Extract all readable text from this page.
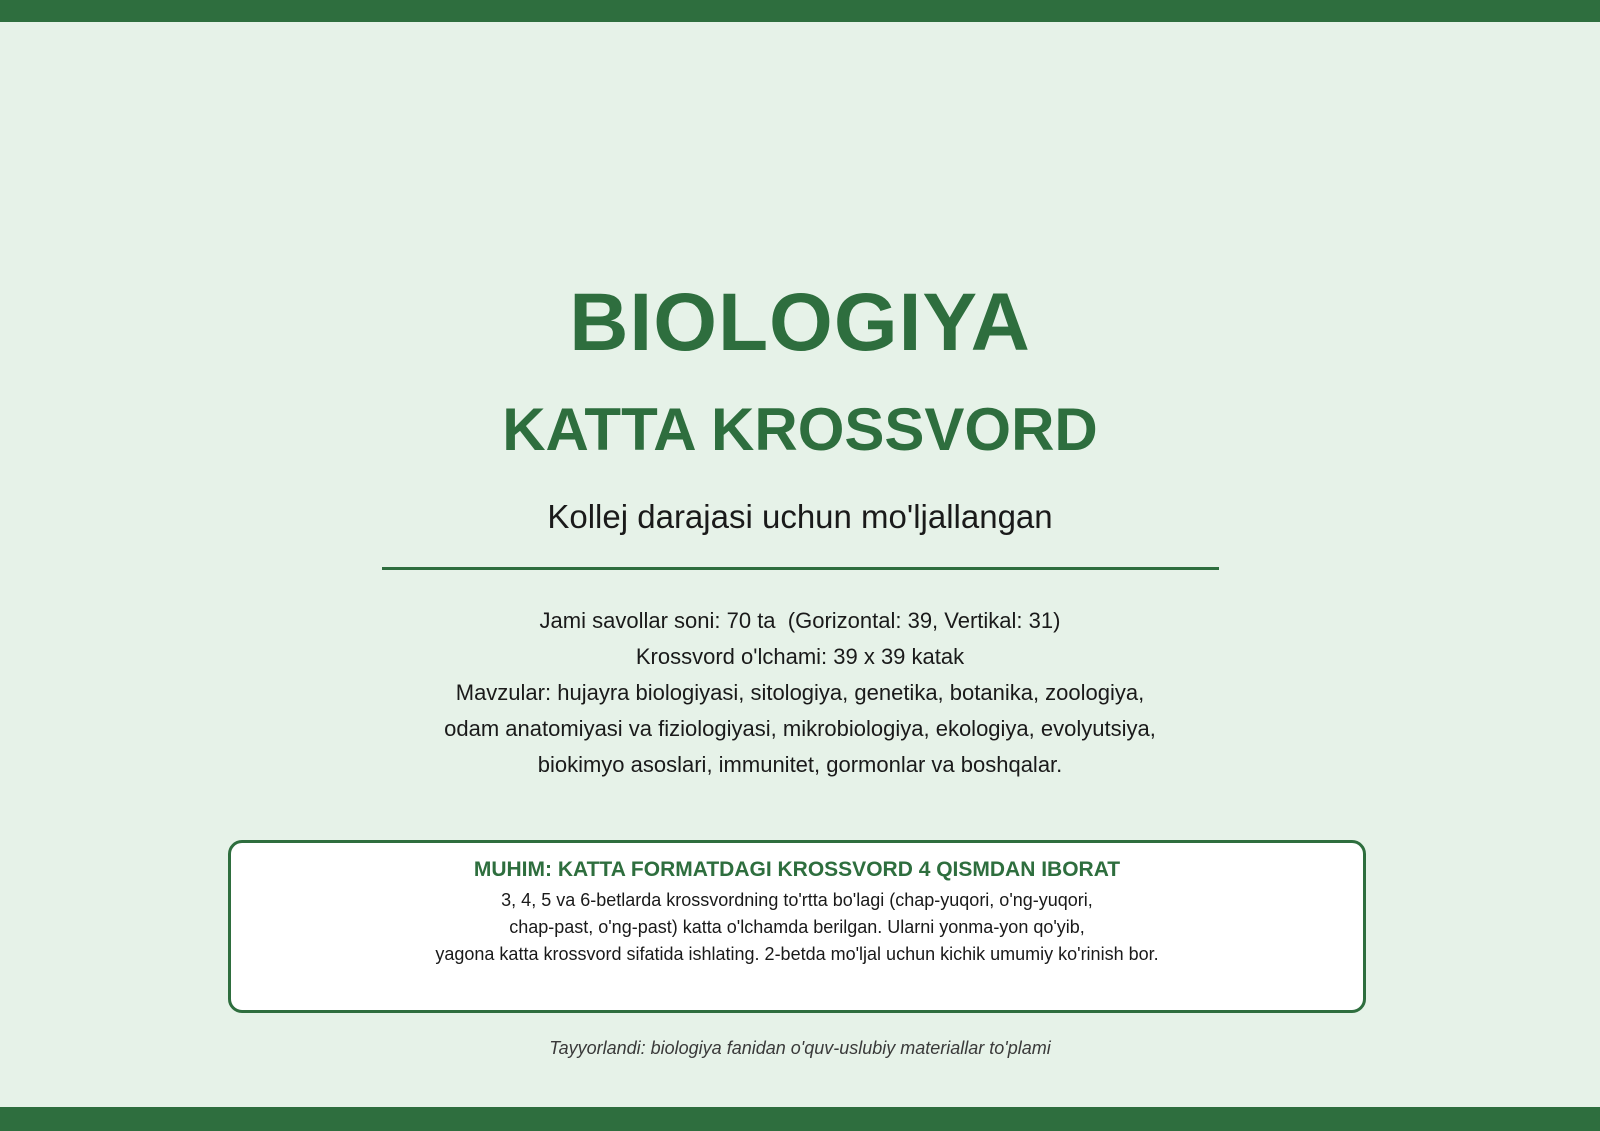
BIOLOGIYA
KATTA KROSSVORD
Kollej darajasi uchun mo'ljallangan
Jami savollar soni: 70 ta  (Gorizontal: 39, Vertikal: 31)
Krossvord o'lchami: 39 x 39 katak
Mavzular: hujayra biologiyasi, sitologiya, genetika, botanika, zoologiya,
odam anatomiyasi va fiziologiyasi, mikrobiologiya, ekologiya, evolyutsiya,
biokimyo asoslari, immunitet, gormonlar va boshqalar.
MUHIM: KATTA FORMATDAGI KROSSVORD 4 QISMDAN IBORAT
3, 4, 5 va 6-betlarda krossvordning to'rtta bo'lagi (chap-yuqori, o'ng-yuqori,
chap-past, o'ng-past) katta o'lchamda berilgan. Ularni yonma-yon qo'yib,
yagona katta krossvord sifatida ishlating. 2-betda mo'ljal uchun kichik umumiy ko'rinish bor.
Tayyorlandi: biologiya fanidan o'quv-uslubiy materiallar to'plami
